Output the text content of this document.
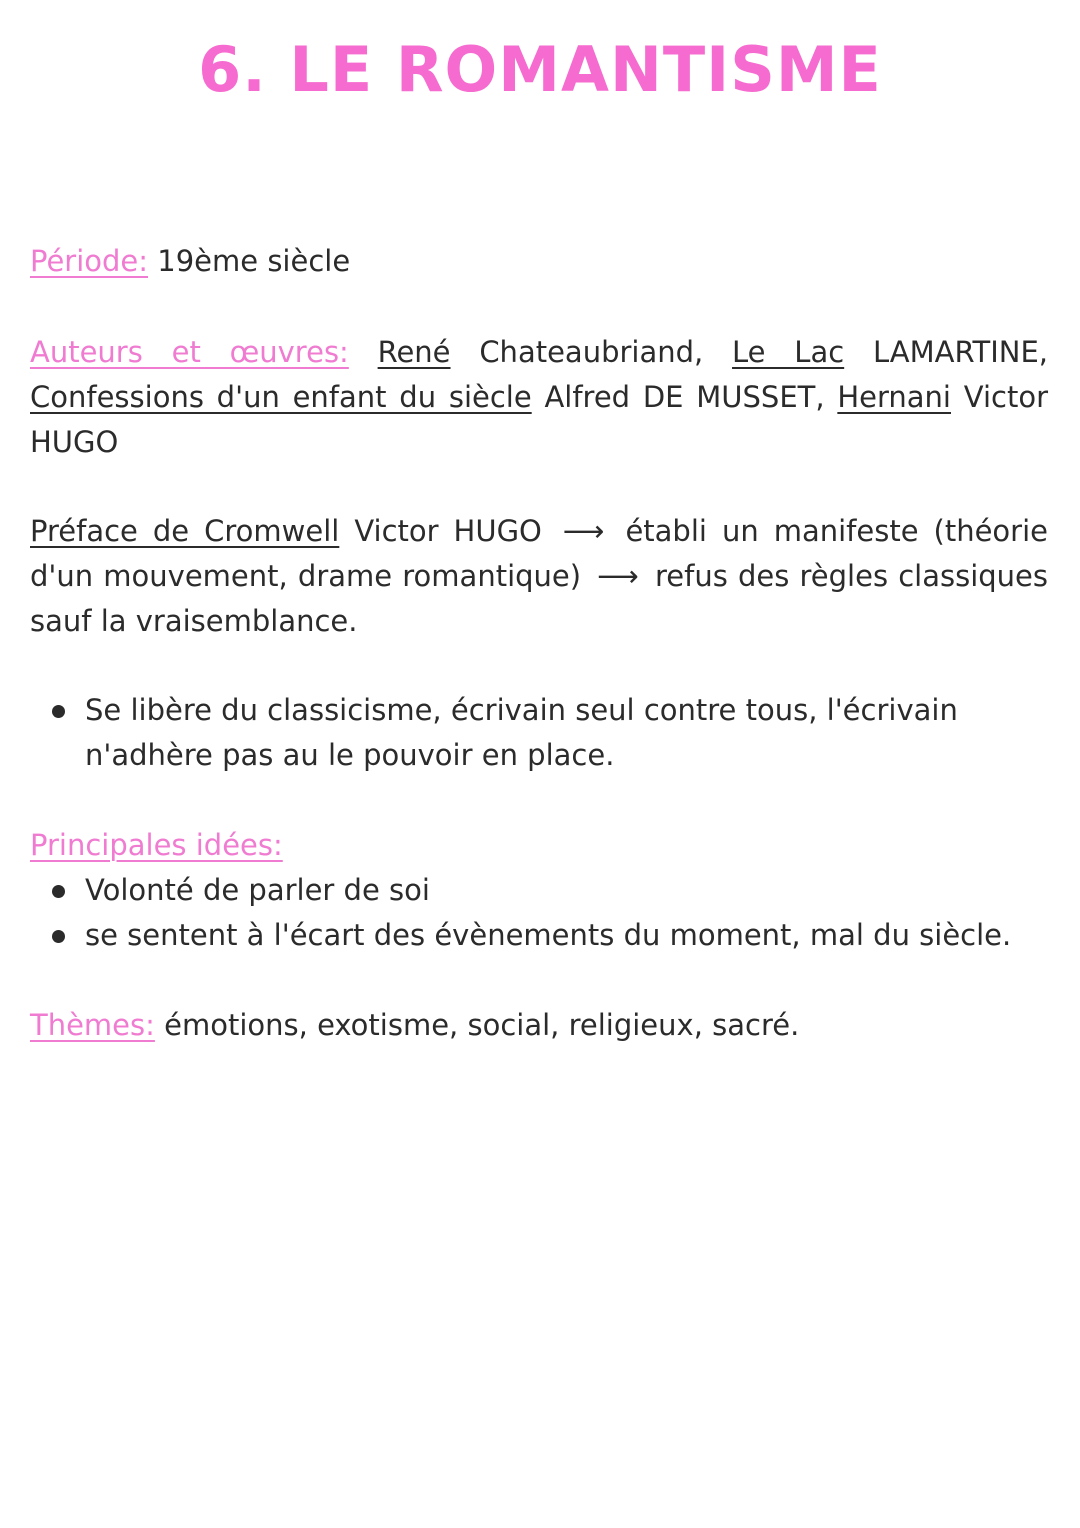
6. LE ROMANTISME

Période: 19ème siècle

Auteurs et œuvres: René Chateaubriand, Le Lac LAMARTINE, Confessions d'un enfant du siècle Alfred DE MUSSET, Hernani Victor HUGO

Préface de Cromwell Victor HUGO ⟶ établi un manifeste (théorie d'un mouvement, drame romantique) ⟶ refus des règles classiques sauf la vraisemblance.

Se libère du classicisme, écrivain seul contre tous, l'écrivain n'adhère pas au le pouvoir en place.

Principales idées:

Volonté de parler de soi
se sentent à l'écart des évènements du moment, mal du siècle.

Thèmes: émotions, exotisme, social, religieux, sacré.
